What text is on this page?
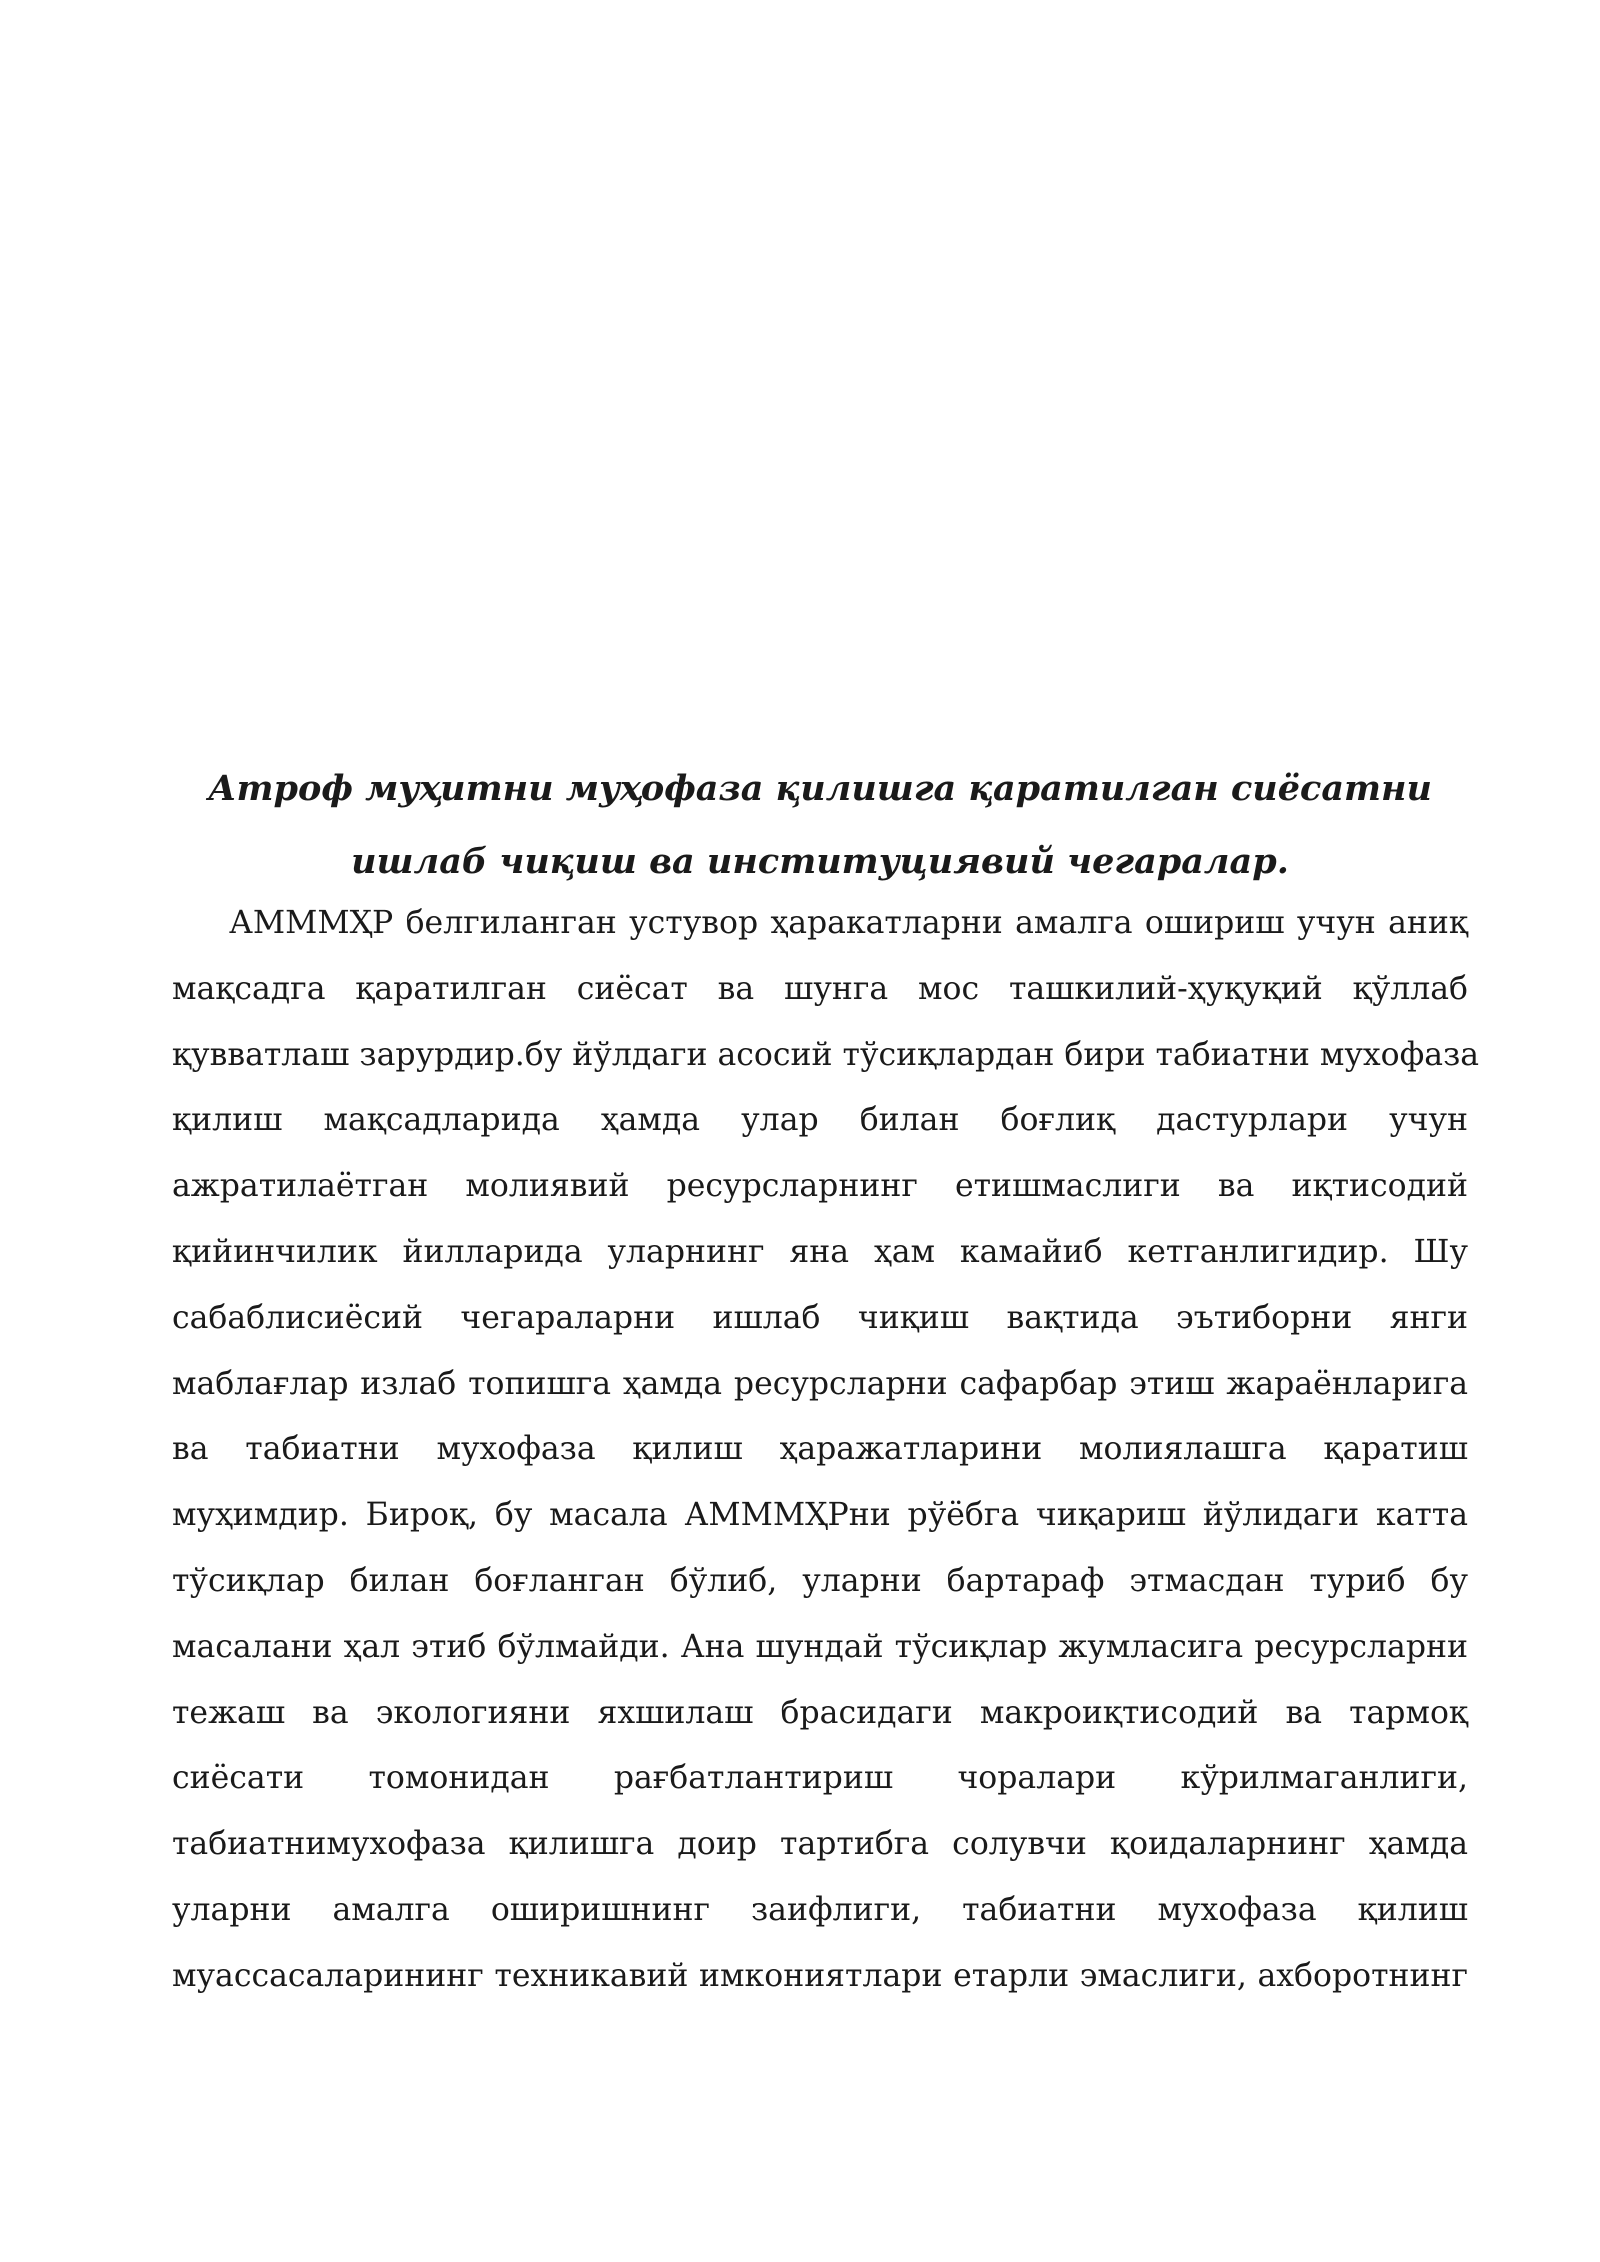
Атроф муҳитни муҳофаза қилишга қаратилган сиёсатни
ишлаб чиқиш ва институциявий чегаралар.
АМММҲР белгиланган устувор ҳаракатларни амалга ошириш учун аниқ
мақсадга қаратилган сиёсат ва шунга мос ташкилий-ҳуқуқий қўллаб
қувватлаш зарурдир.бу йўлдаги асосий тўсиқлардан бири табиатни мухофаза
қилиш мақсадларида ҳамда улар билан боғлиқ дастурлари учун
ажратилаётган молиявий ресурсларнинг етишмаслиги ва иқтисодий
қийинчилик йилларида уларнинг яна ҳам камайиб кетганлигидир. Шу
сабаблисиёсий чегараларни ишлаб чиқиш вақтида эътиборни янги
маблағлар излаб топишга ҳамда ресурсларни сафарбар этиш жараёнларига
ва табиатни мухофаза қилиш ҳаражатларини молиялашга қаратиш
муҳимдир. Бироқ, бу масала АМММҲРни рўёбга чиқариш йўлидаги катта
тўсиқлар билан боғланган бўлиб, уларни бартараф этмасдан туриб бу
масалани ҳал этиб бўлмайди. Ана шундай тўсиқлар жумласига ресурсларни
тежаш ва экологияни яхшилаш брасидаги макроиқтисодий ва тармоқ
сиёсати томонидан рағбатлантириш чоралари кўрилмаганлиги,
табиатнимухофаза қилишга доир тартибга солувчи қоидаларнинг ҳамда
уларни амалга оширишнинг заифлиги, табиатни мухофаза қилиш
муассасаларининг техникавий имкониятлари етарли эмаслиги, ахборотнинг
